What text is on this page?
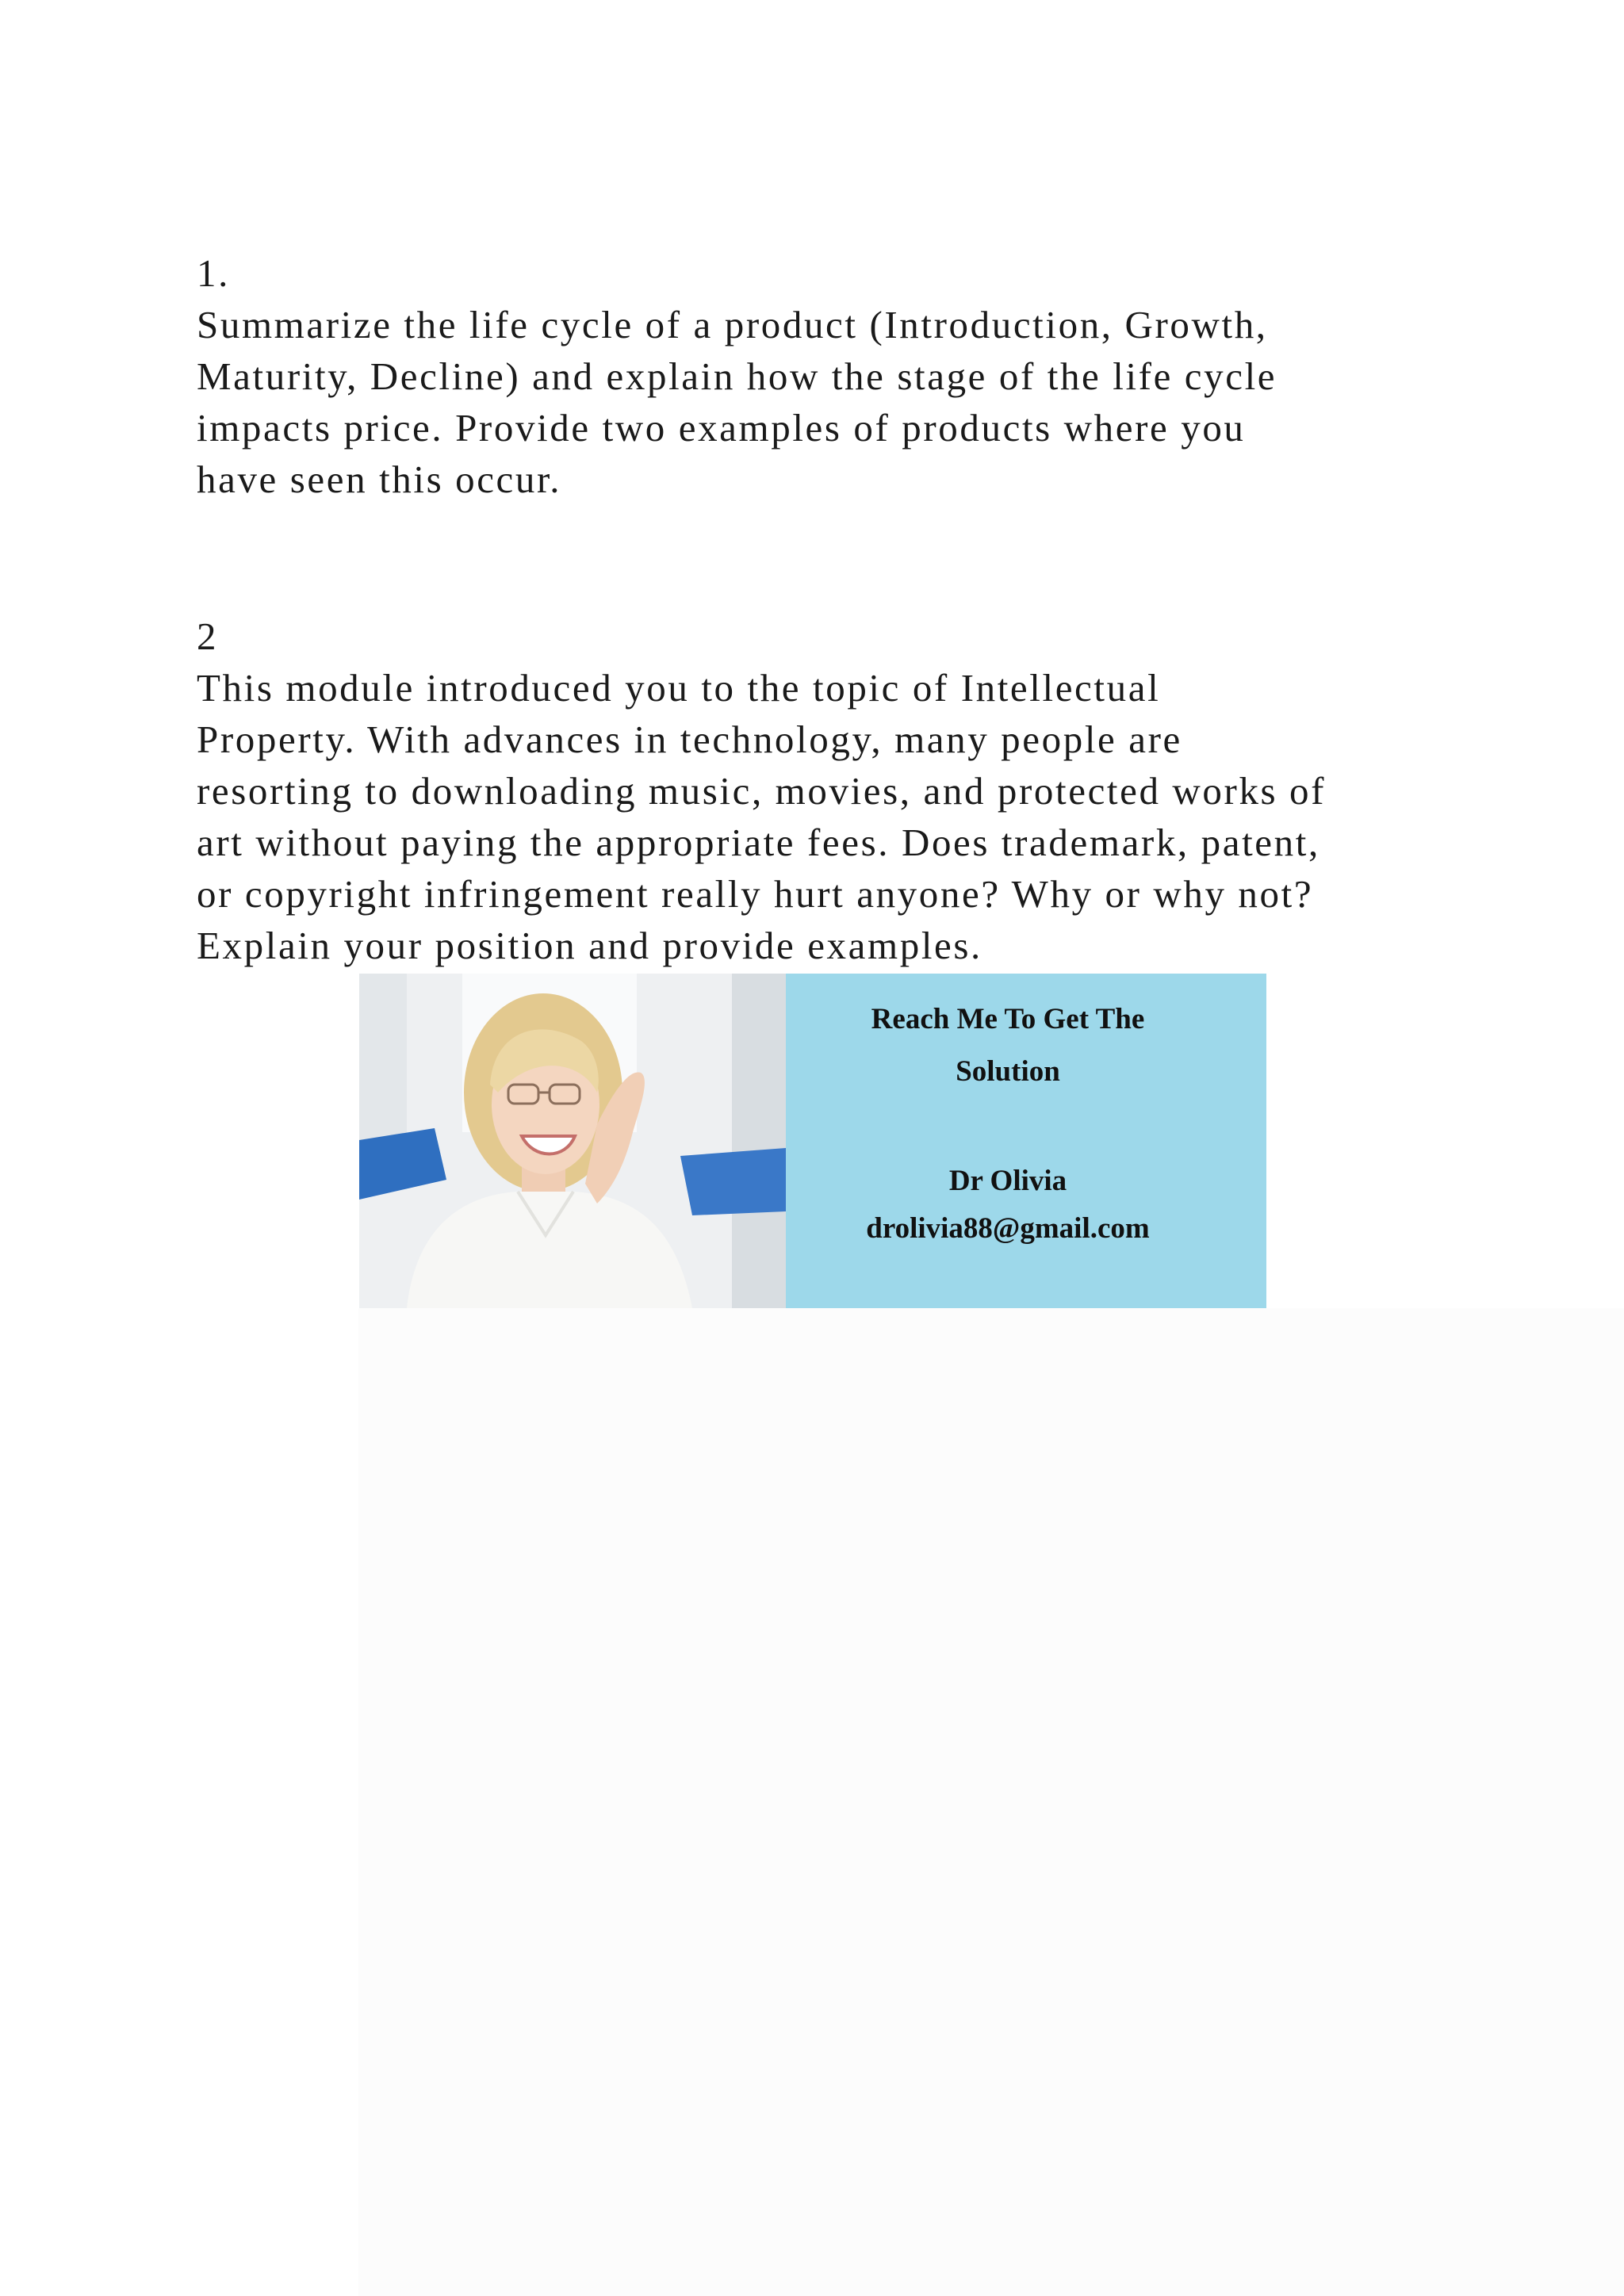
1.
Summarize the life cycle of a product (Introduction, Growth,
Maturity, Decline) and explain how the stage of the life cycle
impacts price. Provide two examples of products where you
have seen this occur.
2
This module introduced you to the topic of Intellectual
Property. With advances in technology, many people are
resorting to downloading music, movies, and protected works of
art without paying the appropriate fees. Does trademark, patent,
or copyright infringement really hurt anyone? Why or why not?
Explain your position and provide examples.
Reach Me To Get The
Solution
Dr Olivia
drolivia88@gmail.com
